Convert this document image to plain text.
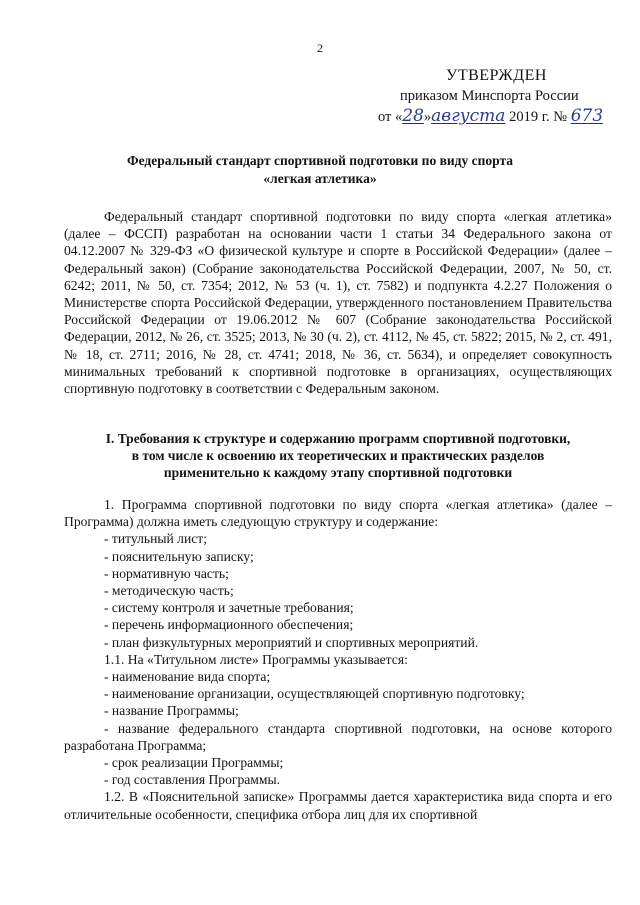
2
УТВЕРЖДЕН
приказом Минспорта России
от «28»августа 2019 г. № 673
Федеральный стандарт спортивной подготовки по виду спорта
«легкая атлетика»
Федеральный стандарт спортивной подготовки по виду спорта «легкая атлетика» (далее – ФССП) разработан на основании части 1 статьи 34 Федерального закона от 04.12.2007 № 329-ФЗ «О физической культуре и спорте в Российской Федерации» (далее – Федеральный закон) (Собрание законодательства Российской Федерации, 2007, № 50, ст. 6242; 2011, № 50, ст. 7354; 2012, № 53 (ч. 1), ст. 7582) и подпункта 4.2.27 Положения о Министерстве спорта Российской Федерации, утвержденного постановлением Правительства Российской Федерации от 19.06.2012 № 607 (Собрание законодательства Российской Федерации, 2012, № 26, ст. 3525; 2013, № 30 (ч. 2), ст. 4112, № 45, ст. 5822; 2015, № 2, ст. 491, № 18, ст. 2711; 2016, № 28, ст. 4741; 2018, № 36, ст. 5634), и определяет совокупность минимальных требований к спортивной подготовке в организациях, осуществляющих спортивную подготовку в соответствии с Федеральным законом.
I. Требования к структуре и содержанию программ спортивной подготовки,
в том числе к освоению их теоретических и практических разделов
применительно к каждому этапу спортивной подготовки
1. Программа спортивной подготовки по виду спорта «легкая атлетика» (далее – Программа) должна иметь следующую структуру и содержание:
- титульный лист;
- пояснительную записку;
- нормативную часть;
- методическую часть;
- систему контроля и зачетные требования;
- перечень информационного обеспечения;
- план физкультурных мероприятий и спортивных мероприятий.
1.1. На «Титульном листе» Программы указывается:
- наименование вида спорта;
- наименование организации, осуществляющей спортивную подготовку;
- название Программы;
- название федерального стандарта спортивной подготовки, на основе которого разработана Программа;
- срок реализации Программы;
- год составления Программы.
1.2. В «Пояснительной записке» Программы дается характеристика вида спорта и его отличительные особенности, специфика отбора лиц для их спортивной
